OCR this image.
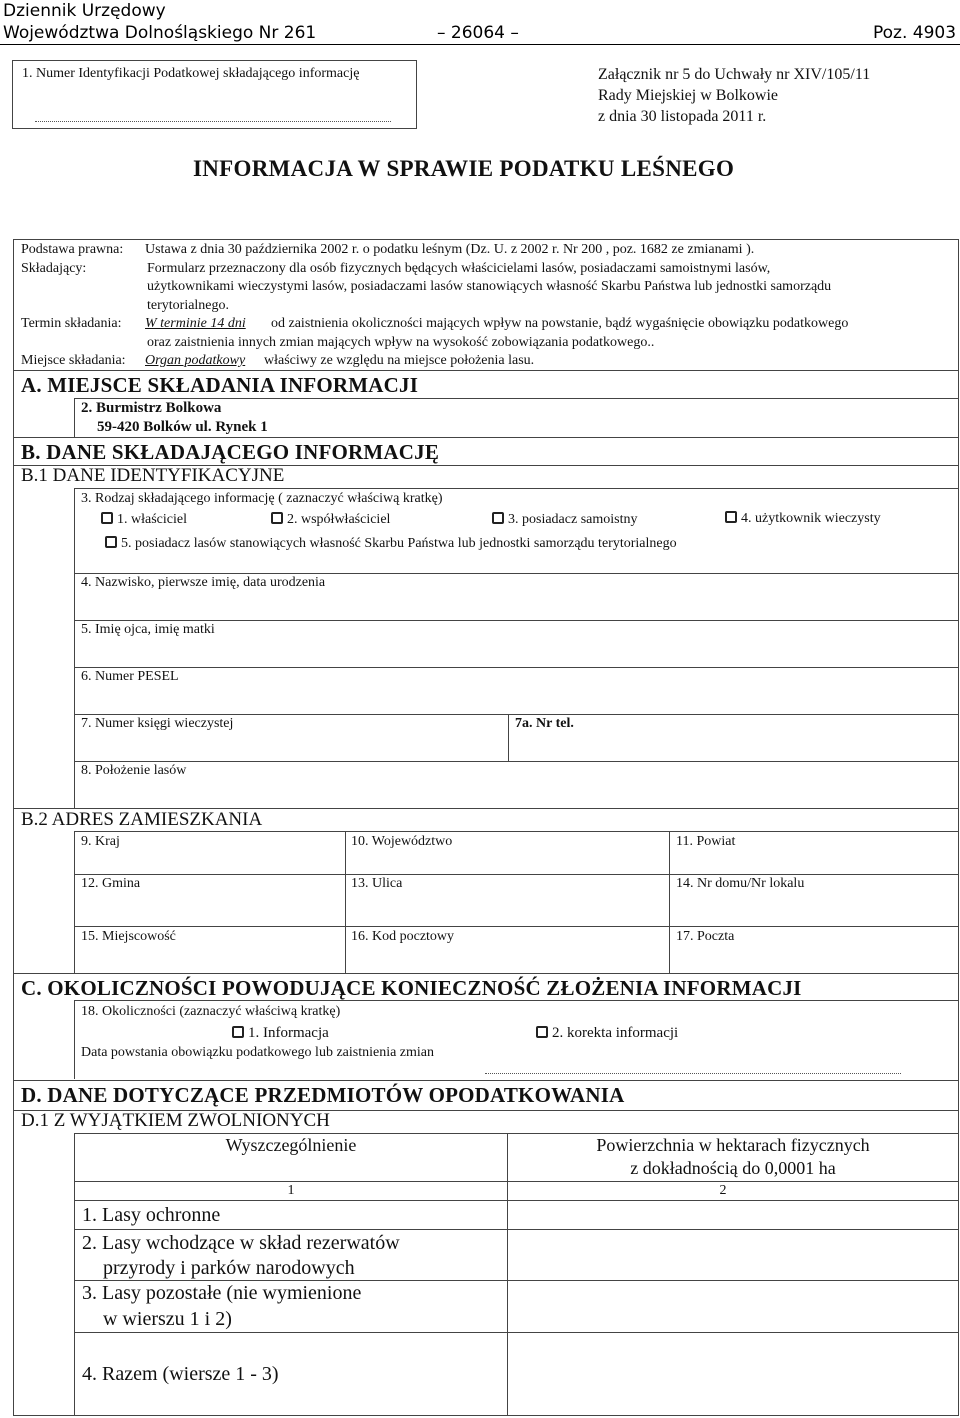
Dziennik Urzędowy
Województwa Dolnośląskiego Nr 261	– 26064 –	Poz. 4903
1. Numer Identyfikacji Podatkowej składającego informację	Załącznik nr 5 do Uchwały nr XIV/105/11
Rady Miejskiej w Bolkowie
z dnia 30 listopada 2011 r.
INFORMACJA W SPRAWIE PODATKU LEŚNEGO
Podstawa prawna: Ustawa z dnia 30 października 2002 r. o podatku leśnym (Dz. U. z 2002 r. Nr 200 , poz. 1682 ze zmianami ).
Składający:	Formularz przeznaczony dla osób fizycznych będących właścicielami lasów, posiadaczami samoistnymi lasów,
użytkownikami wieczystymi lasów, posiadaczami lasów stanowiących własność Skarbu Państwa lub jednostki samorządu
terytorialnego.
Termin składania: W terminie 14 dni od zaistnienia okoliczności mających wpływ na powstanie, bądź wygaśnięcie obowiązku podatkowego
oraz zaistnienia innych zmian mających wpływ na wysokość zobowiązania podatkowego..
Miejsce składania: Organ podatkowy właściwy ze względu na miejsce położenia lasu.
A. MIEJSCE SKŁADANIA INFORMACJI
2. Burmistrz Bolkowa
59-420 Bolków ul. Rynek 1
B. DANE SKŁADAJĄCEGO INFORMACJĘ
B.1 DANE IDENTYFIKACYJNE
3. Rodzaj składającego informację ( zaznaczyć właściwą kratkę)
1. właściciel	2. współwłaściciel	3. posiadacz samoistny	4. użytkownik wieczysty
5. posiadacz lasów stanowiących własność Skarbu Państwa lub jednostki samorządu terytorialnego
4. Nazwisko, pierwsze imię, data urodzenia
5. Imię ojca, imię matki
6. Numer PESEL
7. Numer księgi wieczystej	7a. Nr tel.
8. Położenie lasów
B.2 ADRES ZAMIESZKANIA
9. Kraj	10. Województwo	11. Powiat
12. Gmina	13. Ulica	14. Nr domu/Nr lokalu
15. Miejscowość	16. Kod pocztowy	17. Poczta
C. OKOLICZNOŚCI POWODUJĄCE KONIECZNOŚĆ ZŁOŻENIA INFORMACJI
18. Okoliczności (zaznaczyć właściwą kratkę)
1. Informacja	2. korekta informacji
Data powstania obowiązku podatkowego lub zaistnienia zmian
D. DANE DOTYCZĄCE PRZEDMIOTÓW OPODATKOWANIA
D.1 Z WYJĄTKIEM ZWOLNIONYCH
Wyszczególnienie	Powierzchnia w hektarach fizycznych
z dokładnością do 0,0001 ha
1	2
1. Lasy ochronne
2. Lasy wchodzące w skład rezerwatów
przyrody i parków narodowych
3. Lasy pozostałe (nie wymienione
w wierszu 1 i 2)
4. Razem (wiersze 1 - 3)
